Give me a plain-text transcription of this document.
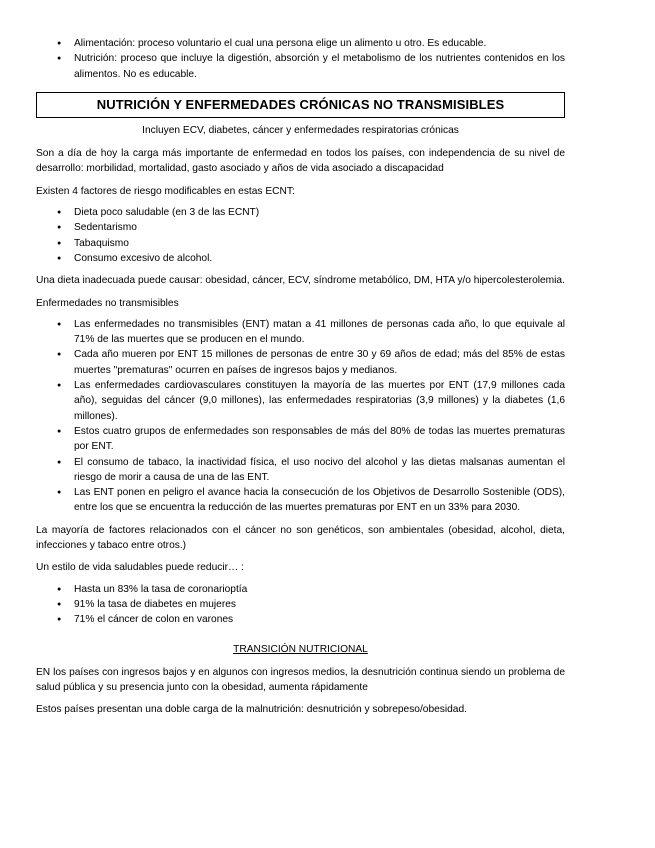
● Alimentación: proceso voluntario el cual una persona elige un alimento u otro. Es educable.
● Nutrición: proceso que incluye la digestión, absorción y el metabolismo de los nutrientes contenidos en los alimentos. No es educable.
NUTRICIÓN Y ENFERMEDADES CRÓNICAS NO TRANSMISIBLES

Incluyen ECV, diabetes, cáncer y enfermedades respiratorias crónicas

Son a día de hoy la carga más importante de enfermedad en todos los países, con independencia de su nivel de desarrollo: morbilidad, mortalidad, gasto asociado y años de vida asociado a discapacidad

Existen 4 factores de riesgo modificables en estas ECNT:

● Dieta poco saludable (en 3 de las ECNT)
● Sedentarismo
● Tabaquismo
● Consumo excesivo de alcohol.

Una dieta inadecuada puede causar: obesidad, cáncer, ECV, síndrome metabólico, DM, HTA y/o hipercolesterolemia.

Enfermedades no transmisibles

● Las enfermedades no transmisibles (ENT) matan a 41 millones de personas cada año, lo que equivale al 71% de las muertes que se producen en el mundo.
● Cada año mueren por ENT 15 millones de personas de entre 30 y 69 años de edad; más del 85% de estas muertes "prematuras" ocurren en países de ingresos bajos y medianos.
● Las enfermedades cardiovasculares constituyen la mayoría de las muertes por ENT (17,9 millones cada año), seguidas del cáncer (9,0 millones), las enfermedades respiratorias (3,9 millones) y la diabetes (1,6 millones).
● Estos cuatro grupos de enfermedades son responsables de más del 80% de todas las muertes prematuras por ENT.
● El consumo de tabaco, la inactividad física, el uso nocivo del alcohol y las dietas malsanas aumentan el riesgo de morir a causa de una de las ENT.
● Las ENT ponen en peligro el avance hacia la consecución de los Objetivos de Desarrollo Sostenible (ODS), entre los que se encuentra la reducción de las muertes prematuras por ENT en un 33% para 2030.

La mayoría de factores relacionados con el cáncer no son genéticos, son ambientales (obesidad, alcohol, dieta, infecciones y tabaco entre otros.)

Un estilo de vida saludables puede reducir… :

● Hasta un 83% la tasa de coronarioptía
● 91% la tasa de diabetes en mujeres
● 71% el cáncer de colon en varones

TRANSICIÓN NUTRICIONAL

EN los países con ingresos bajos y en algunos con ingresos medios, la desnutrición continua siendo un problema de salud pública y su presencia junto con la obesidad, aumenta rápidamente

Estos países presentan una doble carga de la malnutrición: desnutrición y sobrepeso/obesidad.
